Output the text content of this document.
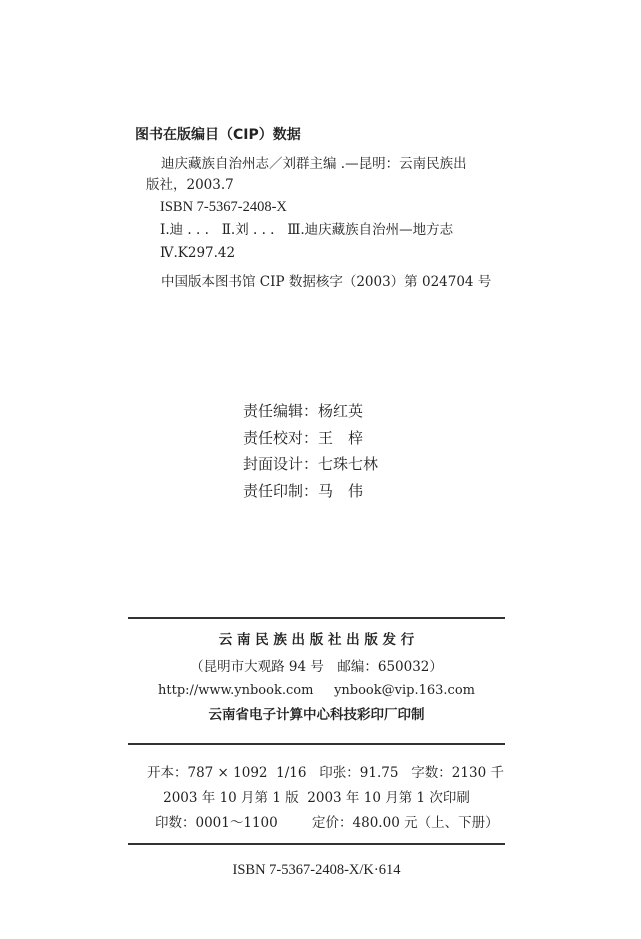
图书在版编目（CIP）数据
迪庆藏族自治州志／刘群主编 .—昆明：云南民族出
版社，2003.7
ISBN 7-5367-2408-X
Ⅰ.迪 . . .   Ⅱ.刘 . . .   Ⅲ.迪庆藏族自治州—地方志
Ⅳ.K297.42
中国版本图书馆 CIP 数据核字（2003）第 024704 号
责任编辑：杨红英
责任校对：王　梓
封面设计：七珠七林
责任印制：马　伟
云 南 民 族 出 版 社 出 版 发 行
（昆明市大观路 94 号　邮编：650032）
http://www.ynbook.com     ynbook@vip.163.com
云南省电子计算中心科技彩印厂印制
开本：787 × 1092  1/16   印张：91.75   字数：2130 千
2003 年 10 月第 1 版  2003 年 10 月第 1 次印刷
印数：0001～1100        定价：480.00 元（上、下册）
ISBN 7-5367-2408-X/K·614
